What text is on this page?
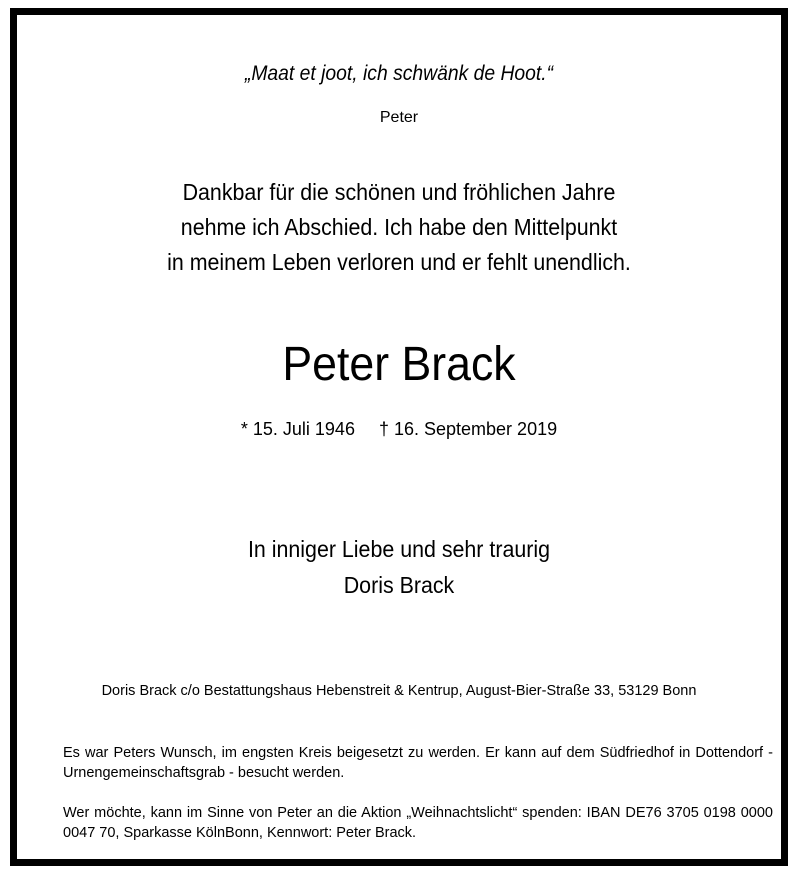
„Maat et joot, ich schwänk de Hoot.“
Peter
Dankbar für die schönen und fröhlichen Jahre
nehme ich Abschied. Ich habe den Mittelpunkt
in meinem Leben verloren und er fehlt unendlich.
Peter Brack
* 15. Juli 1946 † 16. September 2019
In inniger Liebe und sehr traurig
Doris Brack
Doris Brack c/o Bestattungshaus Hebenstreit & Kentrup, August-Bier-Straße 33, 53129 Bonn
Es war Peters Wunsch, im engsten Kreis beigesetzt zu werden. Er kann auf dem Südfriedhof in Dottendorf - Urnengemeinschaftsgrab - besucht werden.
Wer möchte, kann im Sinne von Peter an die Aktion „Weihnachtslicht“ spenden: IBAN DE76 3705 0198 0000 0047 70, Sparkasse KölnBonn, Kennwort: Peter Brack.
